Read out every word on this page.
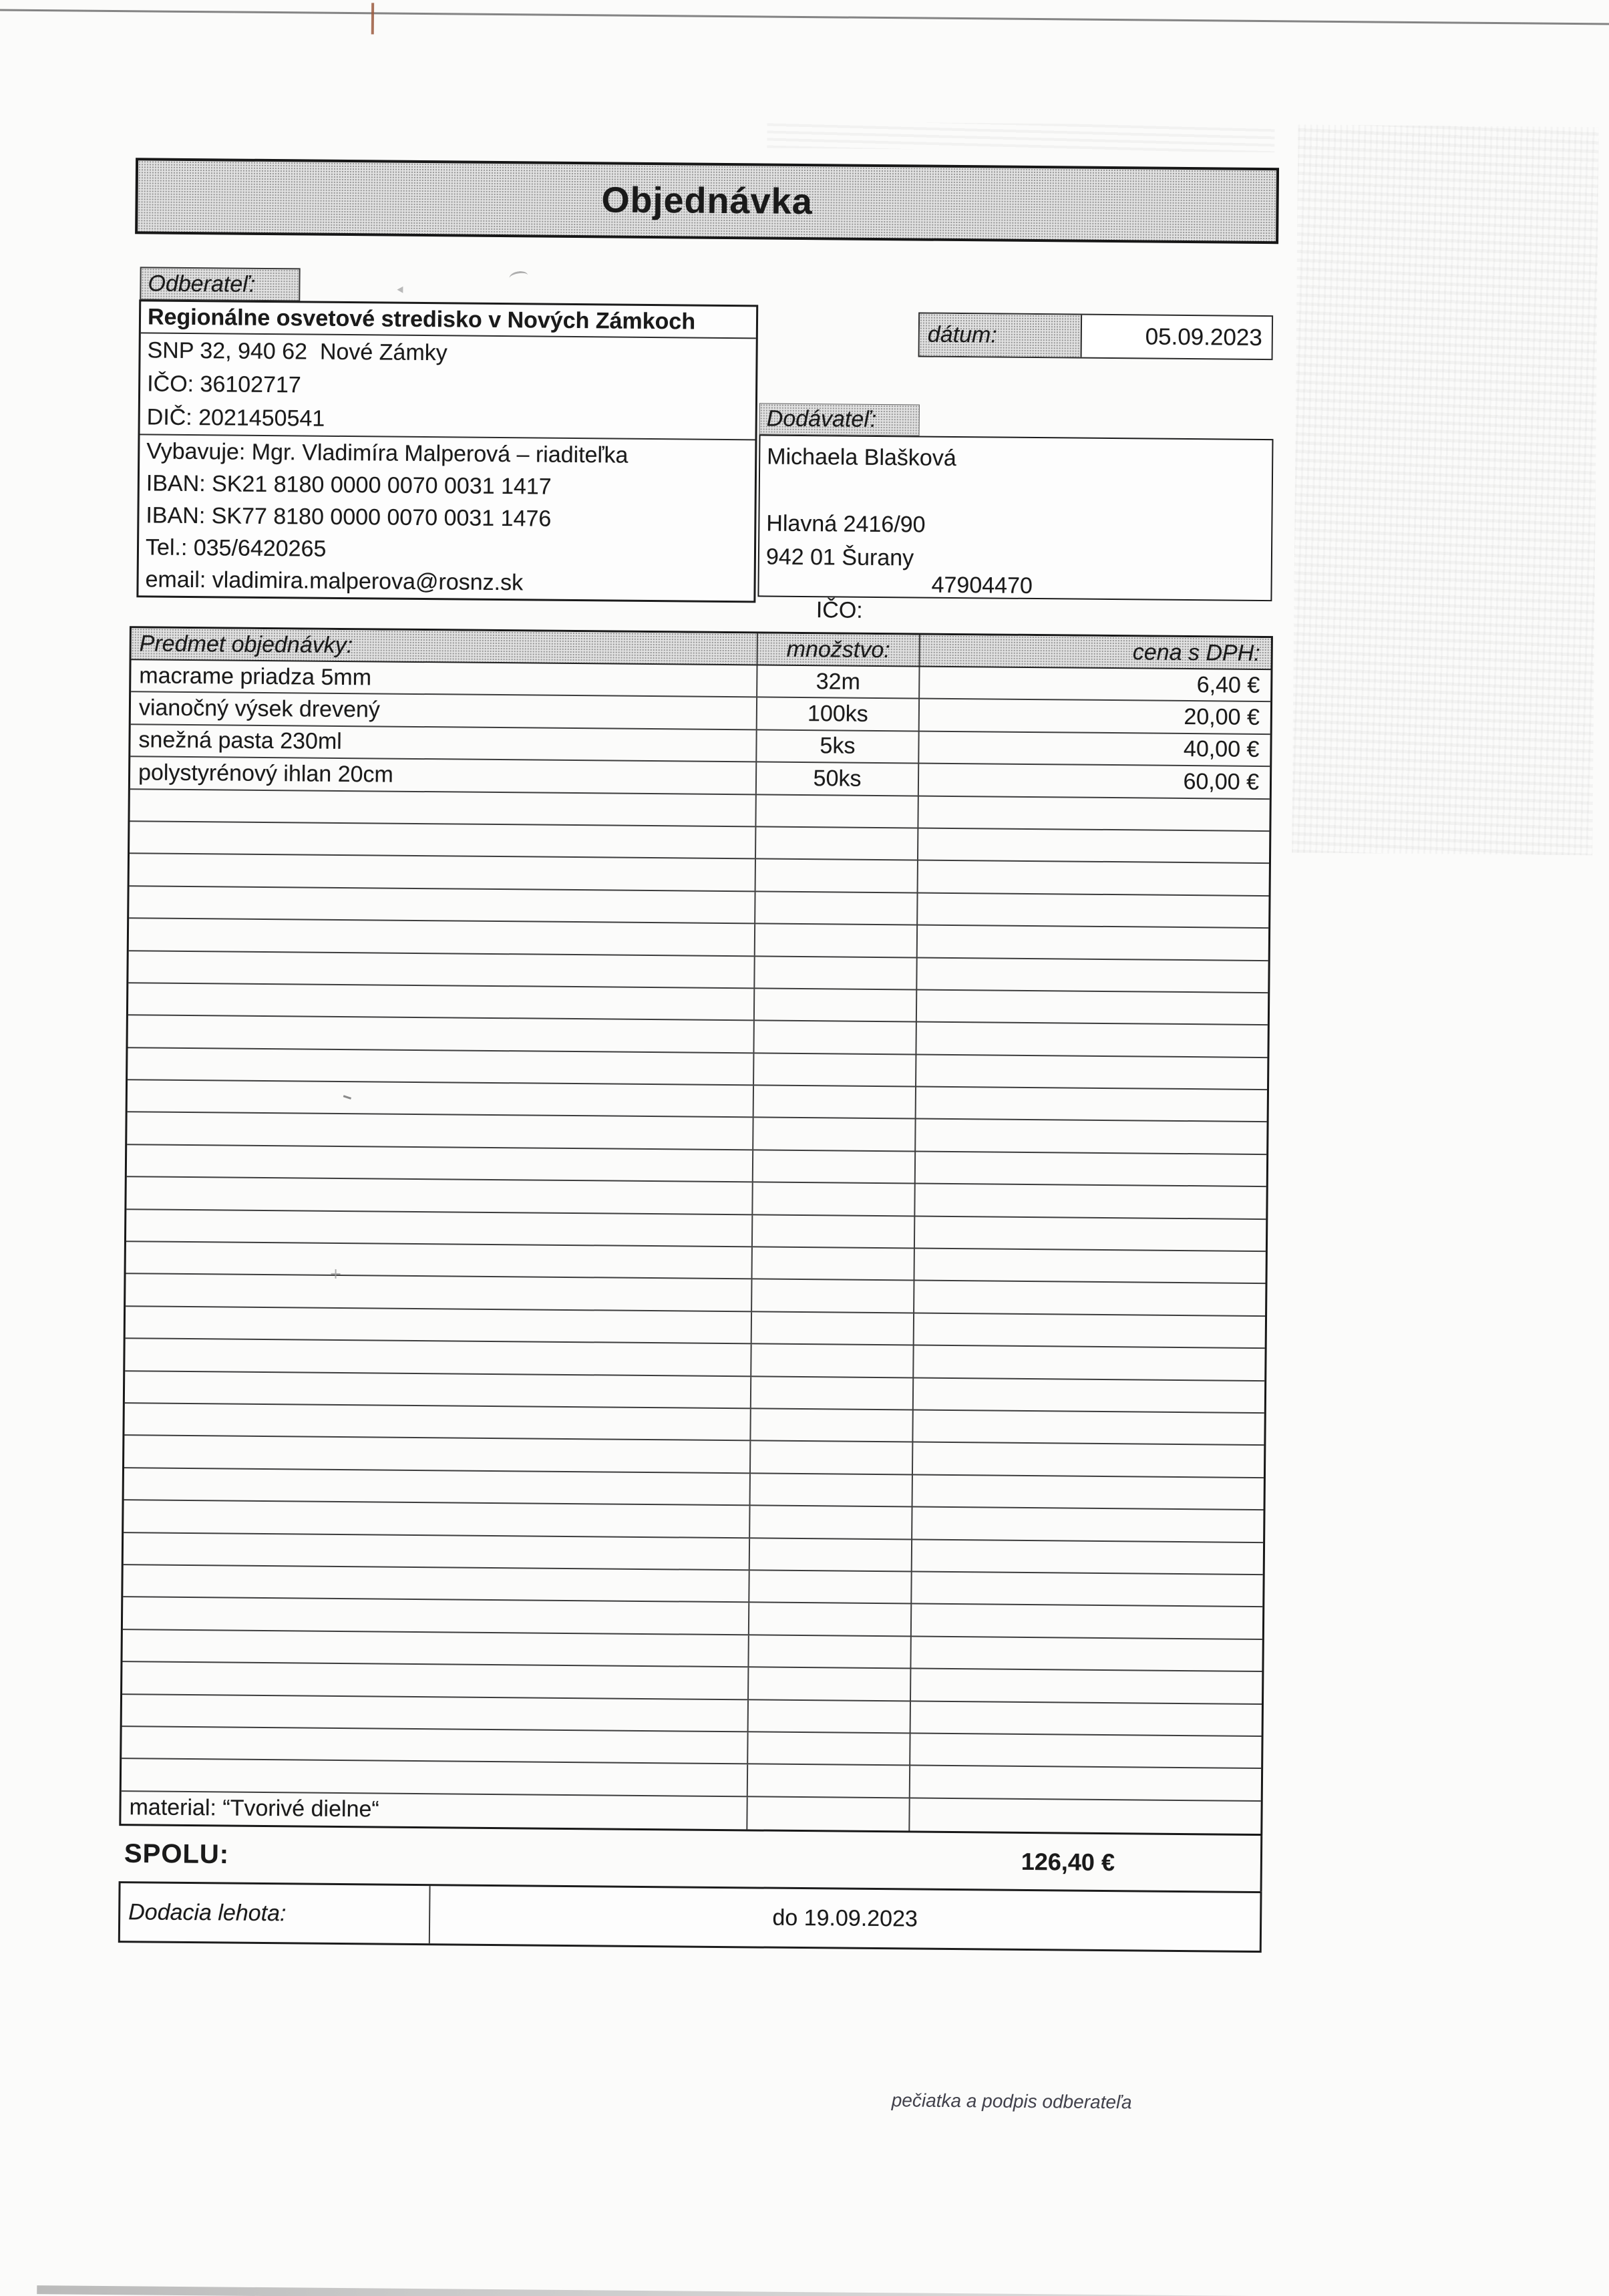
Objednávka
Odberateľ:
Regionálne osvetové stredisko v Nových Zámkoch
SNP 32, 940 62  Nové Zámky
IČO: 36102717
DIČ: 2021450541
Vybavuje: Mgr. Vladimíra Malperová – riaditeľka
IBAN: SK21 8180 0000 0070 0031 1417
IBAN: SK77 8180 0000 0070 0031 1476
Tel.: 035/6420265
email: vladimira.malperova@rosnz.sk
dátum:	05.09.2023
Dodávateľ:
Michaela Blašková
Hlavná 2416/90
942 01 Šurany

IČO:

47904470

Predmet objednávky:	množstvo:	cena s DPH:
macrame priadza 5mm	32m	6,40 €
vianočný výsek drevený	100ks	20,00 €
snežná pasta 230ml	5ks	40,00 €
polystyrénový ihlan 20cm	50ks	60,00 €
material: “Tvorivé dielne“
SPOLU:	126,40 €
Dodacia lehota:	do 19.09.2023
pečiatka a podpis odberateľa
